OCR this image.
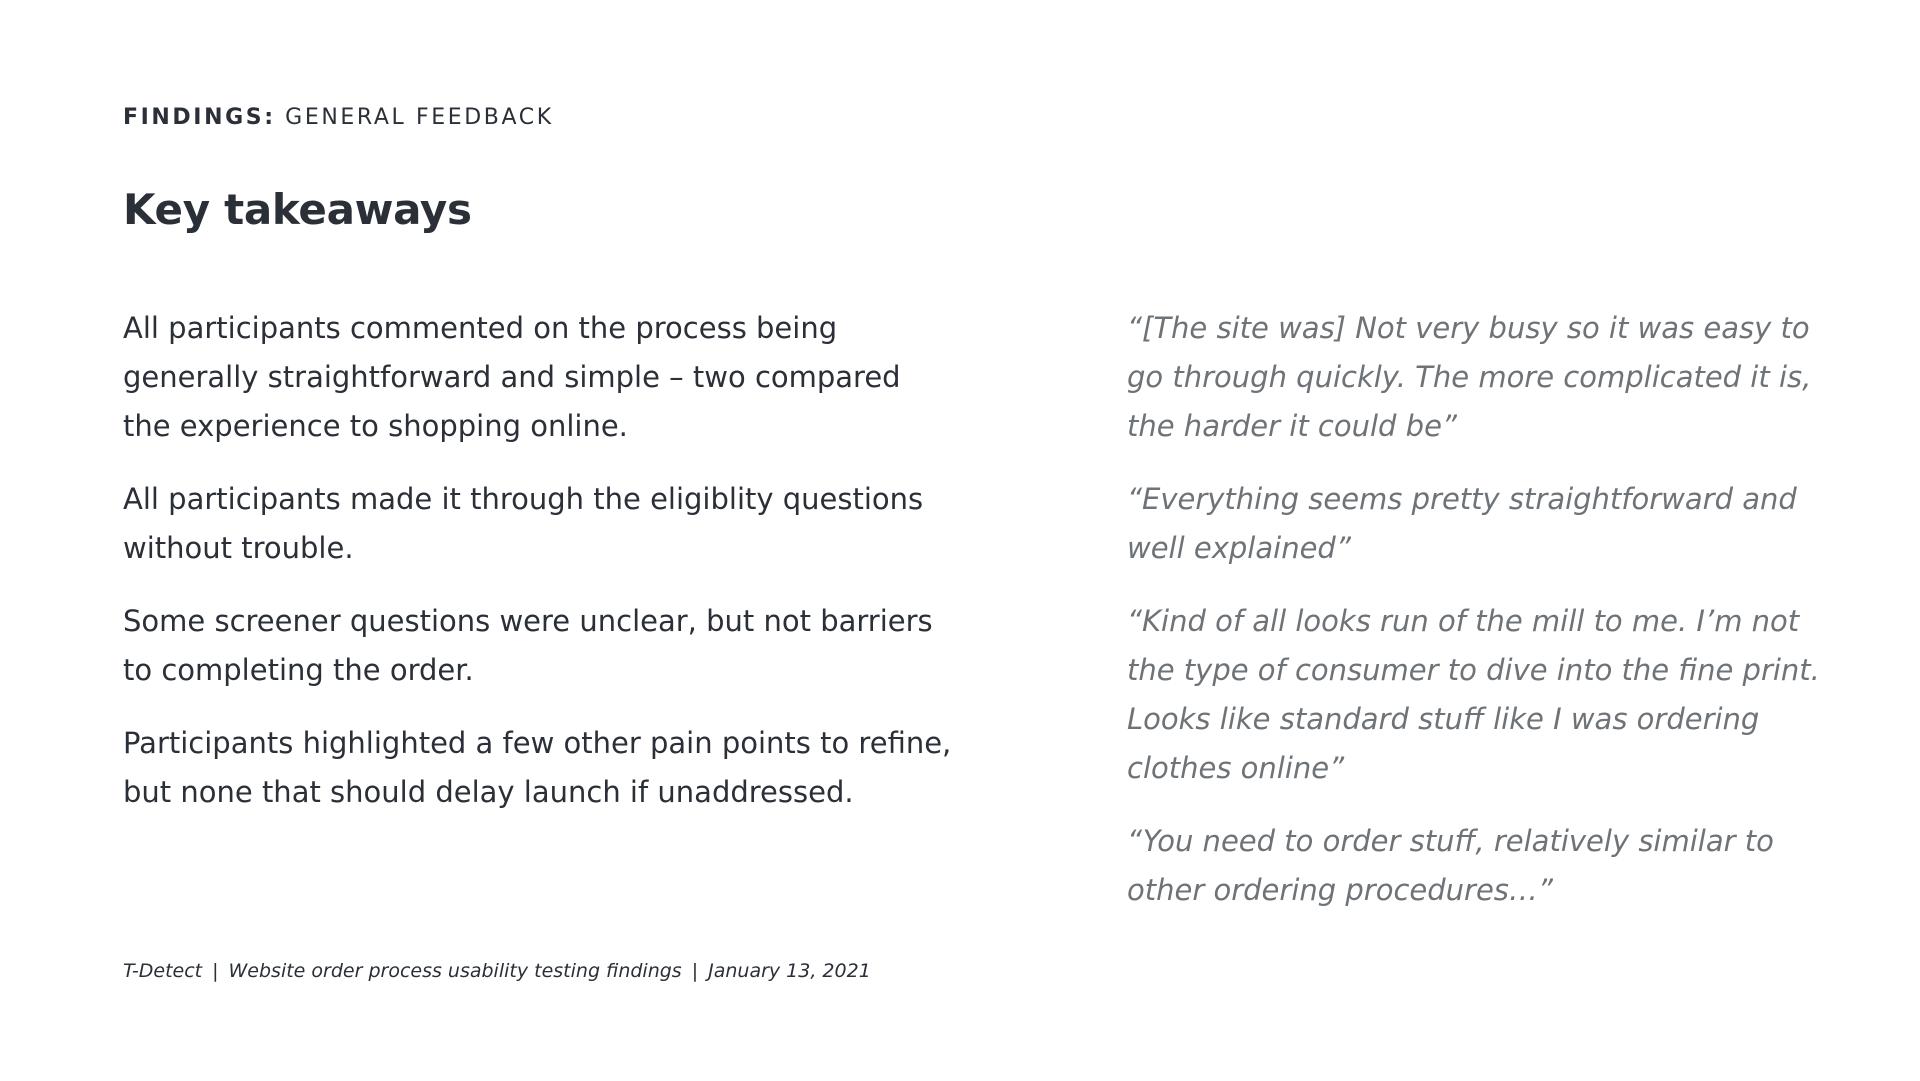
FINDINGS: GENERAL FEEDBACK
Key takeaways

All participants commented on the process being generally straightforward and simple – two compared the experience to shopping online.

All participants made it through the eligiblity questions without trouble.

Some screener questions were unclear, but not barriers to completing the order.

Participants highlighted a few other pain points to refine, but none that should delay launch if unaddressed.

“[The site was] Not very busy so it was easy to go through quickly. The more complicated it is, the harder it could be”

“Everything seems pretty straightforward and well explained”

“Kind of all looks run of the mill to me. I’m not the type of consumer to dive into the fine print. Looks like standard stuff like I was ordering clothes online”

“You need to order stuff, relatively similar to other ordering procedures…”

T-Detect | Website order process usability testing findings | January 13, 2021
